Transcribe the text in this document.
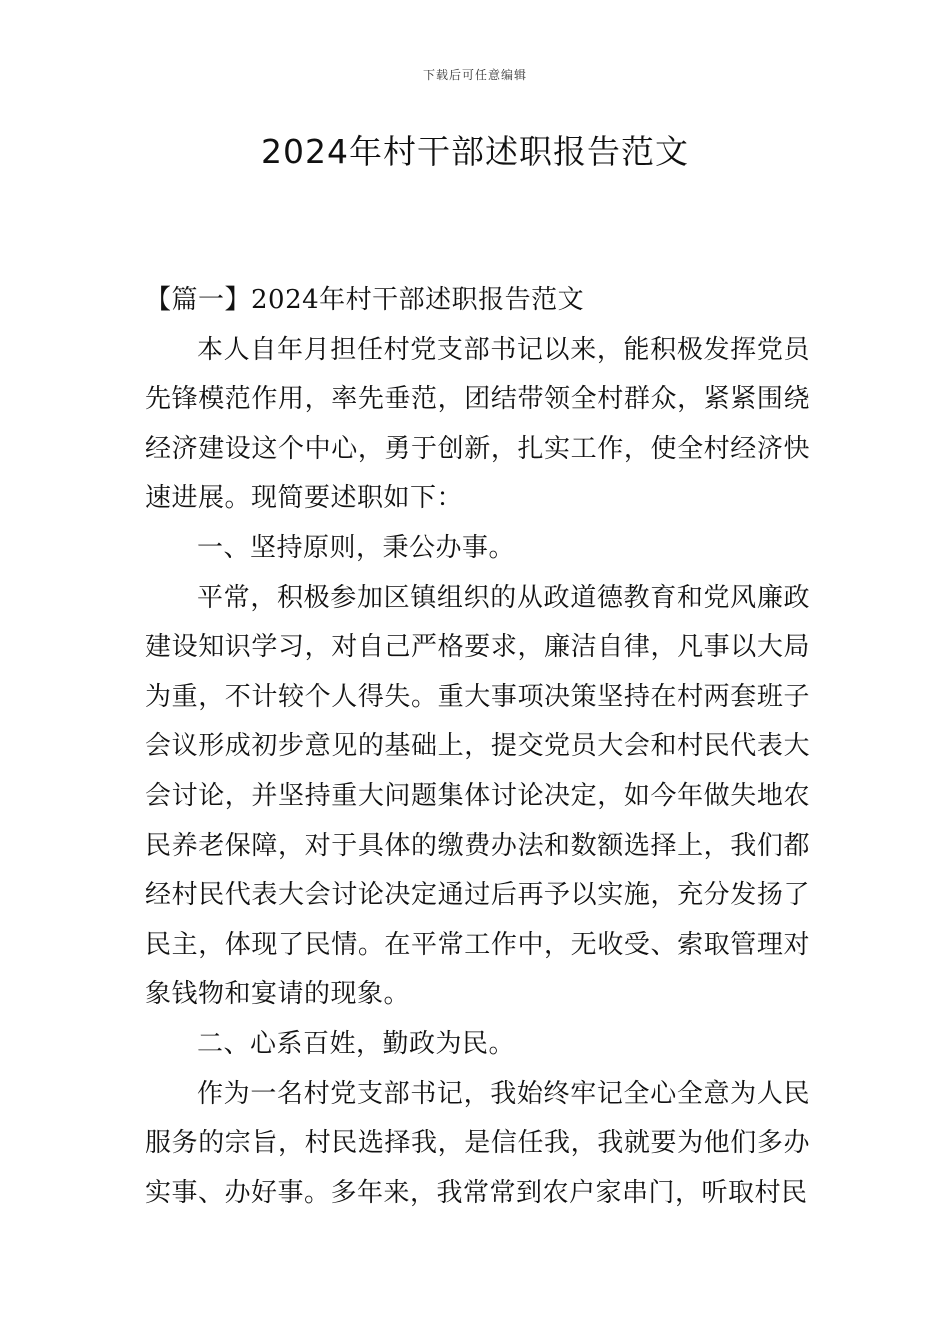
下载后可任意编辑
2024年村干部述职报告范文

【篇一】2024年村干部述职报告范文

本人自年月担任村党支部书记以来，能积极发挥党员先锋模范作用，率先垂范，团结带领全村群众，紧紧围绕经济建设这个中心，勇于创新，扎实工作，使全村经济快速进展。现简要述职如下：

一、坚持原则，秉公办事。

平常，积极参加区镇组织的从政道德教育和党风廉政建设知识学习，对自己严格要求，廉洁自律，凡事以大局为重，不计较个人得失。重大事项决策坚持在村两套班子会议形成初步意见的基础上，提交党员大会和村民代表大会讨论，并坚持重大问题集体讨论决定，如今年做失地农民养老保障，对于具体的缴费办法和数额选择上，我们都经村民代表大会讨论决定通过后再予以实施，充分发扬了民主，体现了民情。在平常工作中，无收受、索取管理对象钱物和宴请的现象。

二、心系百姓，勤政为民。

作为一名村党支部书记，我始终牢记全心全意为人民服务的宗旨，村民选择我，是信任我，我就要为他们多办实事、办好事。多年来，我常常到农户家串门，听取村民
